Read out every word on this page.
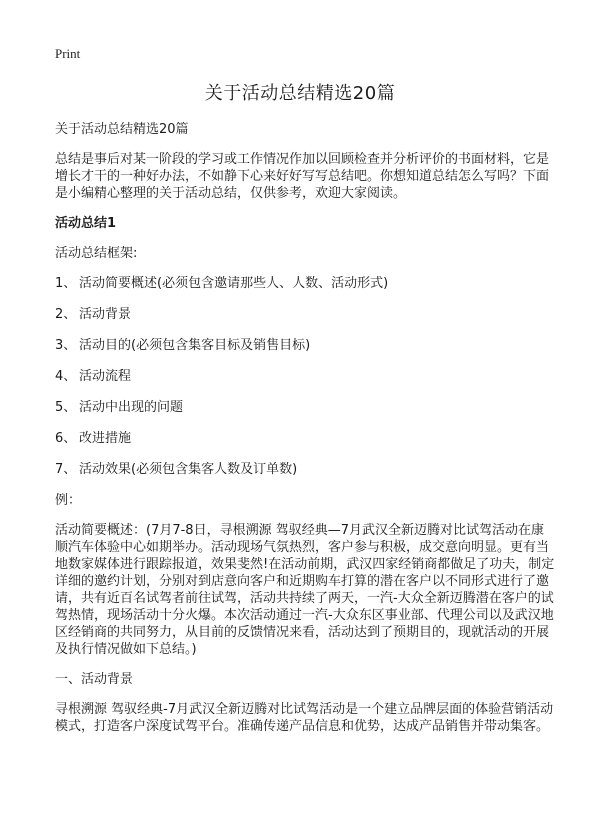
Print
关于活动总结精选20篇

关于活动总结精选20篇

总结是事后对某一阶段的学习或工作情况作加以回顾检查并分析评价的书面材料，它是增长才干的一种好办法，不如静下心来好好写写总结吧。你想知道总结怎么写吗？下面是小编精心整理的关于活动总结，仅供参考，欢迎大家阅读。

活动总结1

活动总结框架:

1、 活动简要概述(必须包含邀请那些人、人数、活动形式)
2、 活动背景
3、 活动目的(必须包含集客目标及销售目标)
4、 活动流程
5、 活动中出现的问题
6、 改进措施
7、 活动效果(必须包含集客人数及订单数)

例：

活动简要概述：(7月7-8日，寻根溯源 驾驭经典—7月武汉全新迈腾对比试驾活动在康顺汽车体验中心如期举办。活动现场气氛热烈，客户参与积极，成交意向明显。更有当地数家媒体进行跟踪报道，效果斐然!在活动前期，武汉四家经销商都做足了功夫，制定详细的邀约计划，分别对到店意向客户和近期购车打算的潜在客户以不同形式进行了邀请，共有近百名试驾者前往试驾，活动共持续了两天，一汽-大众全新迈腾潜在客户的试驾热情，现场活动十分火爆。本次活动通过一汽-大众东区事业部、代理公司以及武汉地区经销商的共同努力，从目前的反馈情况来看，活动达到了预期目的，现就活动的开展及执行情况做如下总结。)

一、活动背景

寻根溯源 驾驭经典-7月武汉全新迈腾对比试驾活动是一个建立品牌层面的体验营销活动模式，打造客户深度试驾平台。准确传递产品信息和优势，达成产品销售并带动集客。
